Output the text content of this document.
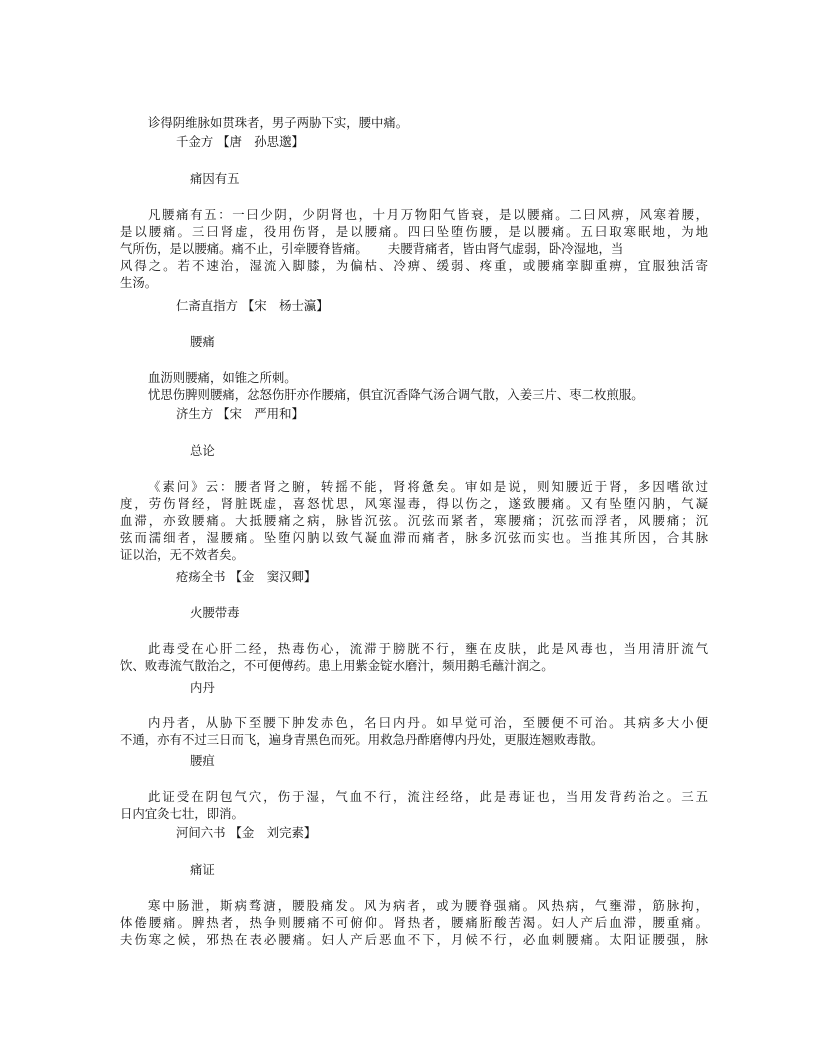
诊得阴维脉如贯珠者，男子两胁下实，腰中痛。
千金方 【唐　 孙思邈】
痛因有五
凡腰痛有五：一曰少阴，少阴肾也，十月万物阳气皆衰，是以腰痛。二曰风痹，风寒着腰，
是以腰痛。三曰肾虚，役用伤肾，是以腰痛。四曰坠堕伤腰，是以腰痛。五曰取寒眠地，为地
气所伤，是以腰痛。痛不止，引牵腰脊皆痛。 夫腰背痛者，皆由肾气虚弱，卧冷湿地，当
风得之。若不速治，湿流入脚膝，为偏枯、冷痹、缓弱、疼重，或腰痛挛脚重痹，宜服独活寄
生汤。
仁斋直指方 【宋　 杨士瀛】
腰痛
血沥则腰痛，如锥之所刺。
忧思伤脾则腰痛，忿怒伤肝亦作腰痛，俱宜沉香降气汤合调气散，入姜三片、枣二枚煎服。
济生方 【宋　 严用和】
总论
《素问》云：腰者肾之腑，转摇不能，肾将惫矣。审如是说，则知腰近于肾，多因嗜欲过
度，劳伤肾经，肾脏既虚，喜怒忧思，风寒湿毒，得以伤之，遂致腰痛。又有坠堕闪肭，气凝
血滞，亦致腰痛。大抵腰痛之病，脉皆沉弦。沉弦而紧者，寒腰痛；沉弦而浮者，风腰痛；沉
弦而濡细者，湿腰痛。坠堕闪肭以致气凝血滞而痛者，脉多沉弦而实也。当推其所因，合其脉
证以治，无不效者矣。
疮疡全书 【金　 窦汉卿】
火腰带毒
此毒受在心肝二经，热毒伤心，流滞于膀胱不行，壅在皮肤，此是风毒也，当用清肝流气
饮、败毒流气散治之，不可便傅药。患上用紫金锭水磨汁，频用鹅毛蘸汁润之。
内丹
内丹者，从胁下至腰下肿发赤色，名曰内丹。如早觉可治，至腰便不可治。其病多大小便
不通，亦有不过三日而飞，遍身青黑色而死。用救急丹酢磨傅内丹处，更服连翘败毒散。
腰疽
此证受在阴包气穴，伤于湿，气血不行，流注经络，此是毒证也，当用发背药治之。三五
日内宜灸七壮，即消。
河间六书 【金　 刘完素】
痛证
寒中肠泄，斯病骛溏，腰股痛发。风为病者，或为腰脊强痛。风热病，气壅滞，筋脉拘，
体倦腰痛。脾热者，热争则腰痛不可俯仰。肾热者，腰痛胻酸苦渴。妇人产后血滞，腰重痛。
夫伤寒之候，邪热在表必腰痛。妇人产后恶血不下，月候不行，必血刺腰痛。太阳证腰强，脉
